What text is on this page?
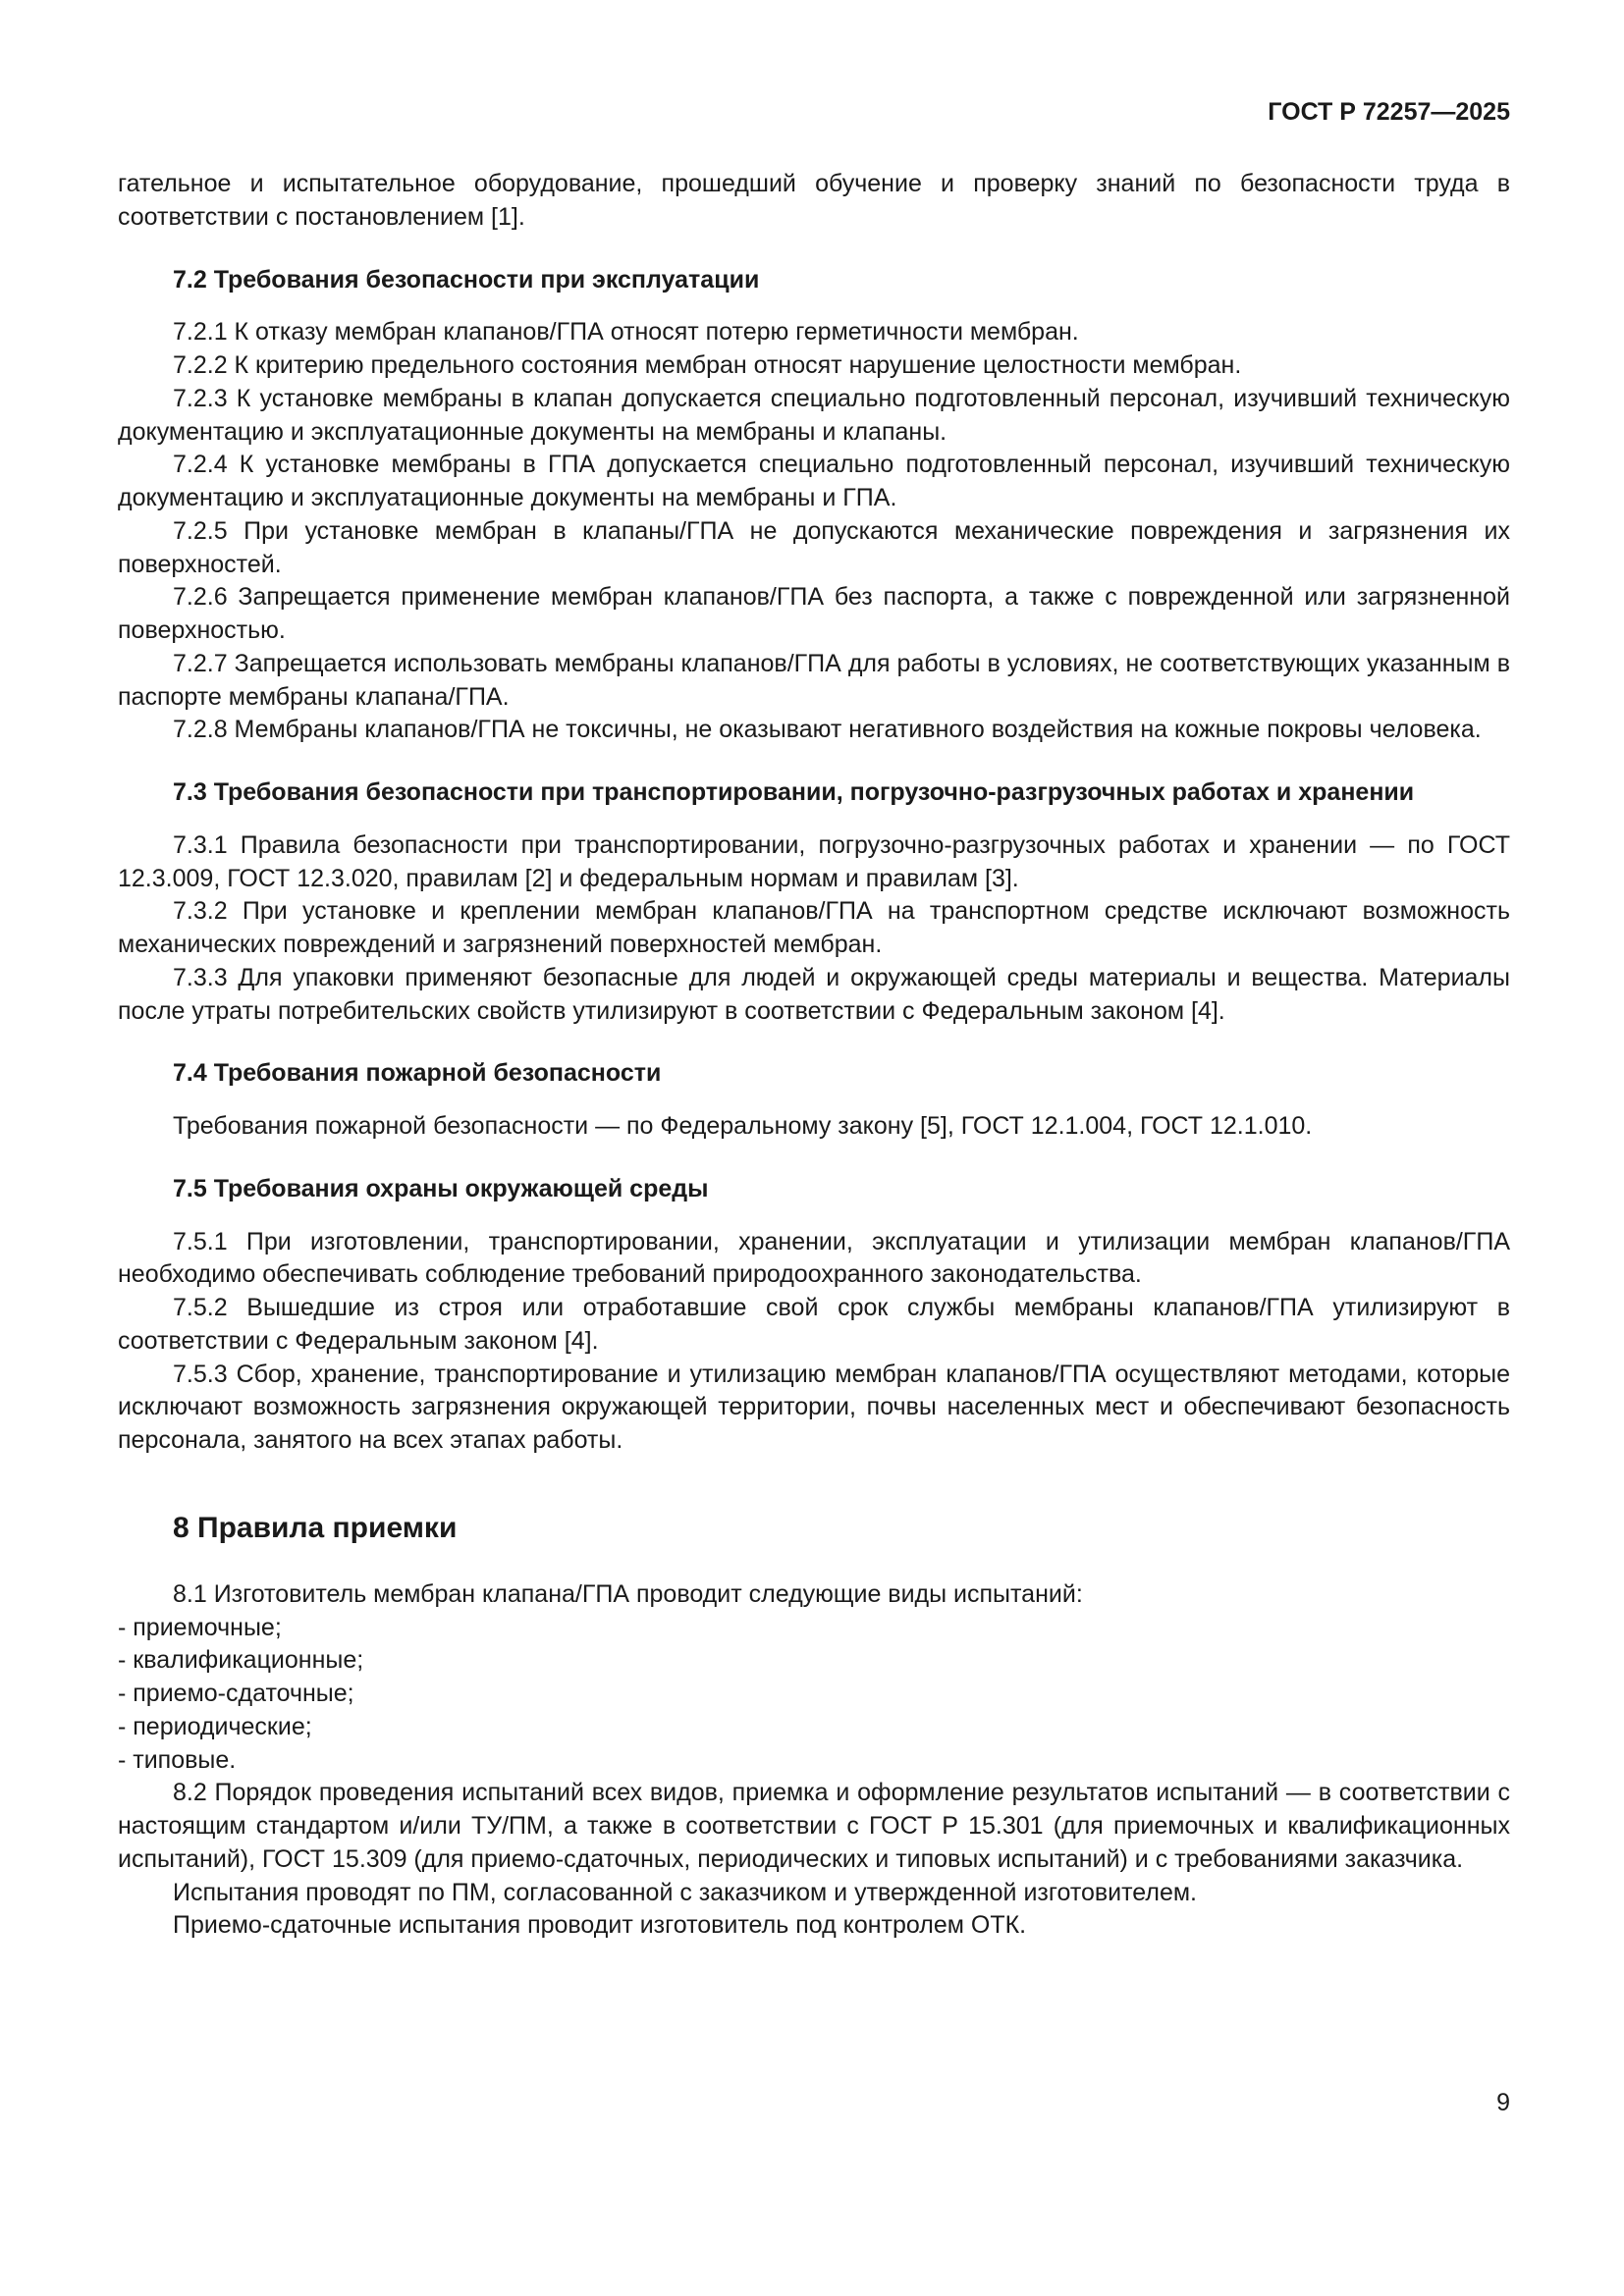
ГОСТ Р 72257—2025
гательное и испытательное оборудование, прошедший обучение и проверку знаний по безопасности труда в соответствии с постановлением [1].
7.2 Требования безопасности при эксплуатации
7.2.1 К отказу мембран клапанов/ГПА относят потерю герметичности мембран.
7.2.2 К критерию предельного состояния мембран относят нарушение целостности мембран.
7.2.3 К установке мембраны в клапан допускается специально подготовленный персонал, изучивший техническую документацию и эксплуатационные документы на мембраны и клапаны.
7.2.4 К установке мембраны в ГПА допускается специально подготовленный персонал, изучивший техническую документацию и эксплуатационные документы на мембраны и ГПА.
7.2.5 При установке мембран в клапаны/ГПА не допускаются механические повреждения и загрязнения их поверхностей.
7.2.6 Запрещается применение мембран клапанов/ГПА без паспорта, а также с поврежденной или загрязненной поверхностью.
7.2.7 Запрещается использовать мембраны клапанов/ГПА для работы в условиях, не соответствующих указанным в паспорте мембраны клапана/ГПА.
7.2.8 Мембраны клапанов/ГПА не токсичны, не оказывают негативного воздействия на кожные покровы человека.
7.3 Требования безопасности при транспортировании, погрузочно-разгрузочных работах и хранении
7.3.1 Правила безопасности при транспортировании, погрузочно-разгрузочных работах и хранении — по ГОСТ 12.3.009, ГОСТ 12.3.020, правилам [2] и федеральным нормам и правилам [3].
7.3.2 При установке и креплении мембран клапанов/ГПА на транспортном средстве исключают возможность механических повреждений и загрязнений поверхностей мембран.
7.3.3 Для упаковки применяют безопасные для людей и окружающей среды материалы и вещества. Материалы после утраты потребительских свойств утилизируют в соответствии с Федеральным законом [4].
7.4 Требования пожарной безопасности
Требования пожарной безопасности — по Федеральному закону [5], ГОСТ 12.1.004, ГОСТ 12.1.010.
7.5 Требования охраны окружающей среды
7.5.1 При изготовлении, транспортировании, хранении, эксплуатации и утилизации мембран клапанов/ГПА необходимо обеспечивать соблюдение требований природоохранного законодательства.
7.5.2 Вышедшие из строя или отработавшие свой срок службы мембраны клапанов/ГПА утилизируют в соответствии с Федеральным законом [4].
7.5.3 Сбор, хранение, транспортирование и утилизацию мембран клапанов/ГПА осуществляют методами, которые исключают возможность загрязнения окружающей территории, почвы населенных мест и обеспечивают безопасность персонала, занятого на всех этапах работы.
8 Правила приемки
8.1 Изготовитель мембран клапана/ГПА проводит следующие виды испытаний:
- приемочные;
- квалификационные;
- приемо-сдаточные;
- периодические;
- типовые.
8.2 Порядок проведения испытаний всех видов, приемка и оформление результатов испытаний — в соответствии с настоящим стандартом и/или ТУ/ПМ, а также в соответствии с ГОСТ Р 15.301 (для приемочных и квалификационных испытаний), ГОСТ 15.309 (для приемо-сдаточных, периодических и типовых испытаний) и с требованиями заказчика.
Испытания проводят по ПМ, согласованной с заказчиком и утвержденной изготовителем.
Приемо-сдаточные испытания проводит изготовитель под контролем ОТК.
9
